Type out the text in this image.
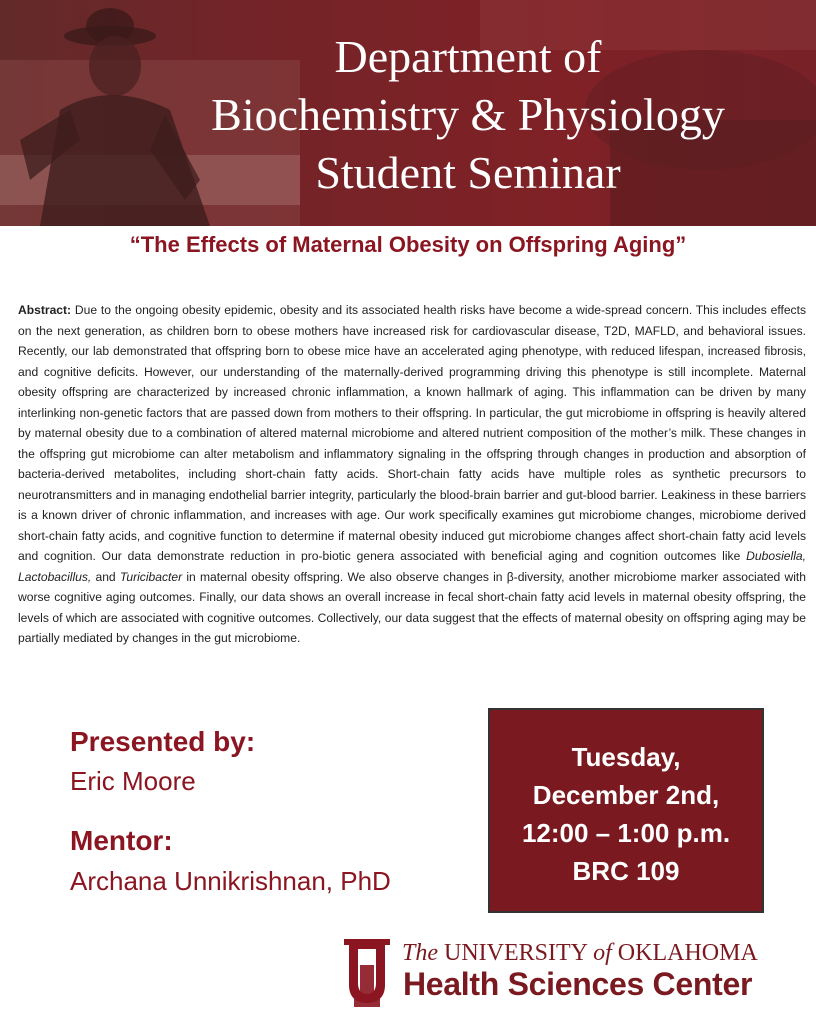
Department of
Biochemistry & Physiology
Student Seminar
“The Effects of Maternal Obesity on Offspring Aging”

Abstract: Due to the ongoing obesity epidemic, obesity and its associated health risks have become a wide-spread concern. This includes effects on the next generation, as children born to obese mothers have increased risk for cardiovascular disease, T2D, MAFLD, and behavioral issues. Recently, our lab demonstrated that offspring born to obese mice have an accelerated aging phenotype, with reduced lifespan, increased fibrosis, and cognitive deficits. However, our understanding of the maternally-derived programming driving this phenotype is still incomplete. Maternal obesity offspring are characterized by increased chronic inflammation, a known hallmark of aging. This inflammation can be driven by many interlinking non-genetic factors that are passed down from mothers to their offspring. In particular, the gut microbiome in offspring is heavily altered by maternal obesity due to a combination of altered maternal microbiome and altered nutrient composition of the mother’s milk. These changes in the offspring gut microbiome can alter metabolism and inflammatory signaling in the offspring through changes in production and absorption of bacteria-derived metabolites, including short-chain fatty acids. Short-chain fatty acids have multiple roles as synthetic precursors to neurotransmitters and in managing endothelial barrier integrity, particularly the blood-brain barrier and gut-blood barrier. Leakiness in these barriers is a known driver of chronic inflammation, and increases with age. Our work specifically examines gut microbiome changes, microbiome derived short-chain fatty acids, and cognitive function to determine if maternal obesity induced gut microbiome changes affect short-chain fatty acid levels and cognition. Our data demonstrate reduction in pro-biotic genera associated with beneficial aging and cognition outcomes like Dubosiella, Lactobacillus, and Turicibacter in maternal obesity offspring. We also observe changes in β-diversity, another microbiome marker associated with worse cognitive aging outcomes. Finally, our data shows an overall increase in fecal short-chain fatty acid levels in maternal obesity offspring, the levels of which are associated with cognitive outcomes. Collectively, our data suggest that the effects of maternal obesity on offspring aging may be partially mediated by changes in the gut microbiome.

Presented by:
Eric Moore
Mentor:
Archana Unnikrishnan, PhD
Tuesday,
December 2nd,
12:00 – 1:00 p.m.
BRC 109
The UNIVERSITY of OKLAHOMA
Health Sciences Center
